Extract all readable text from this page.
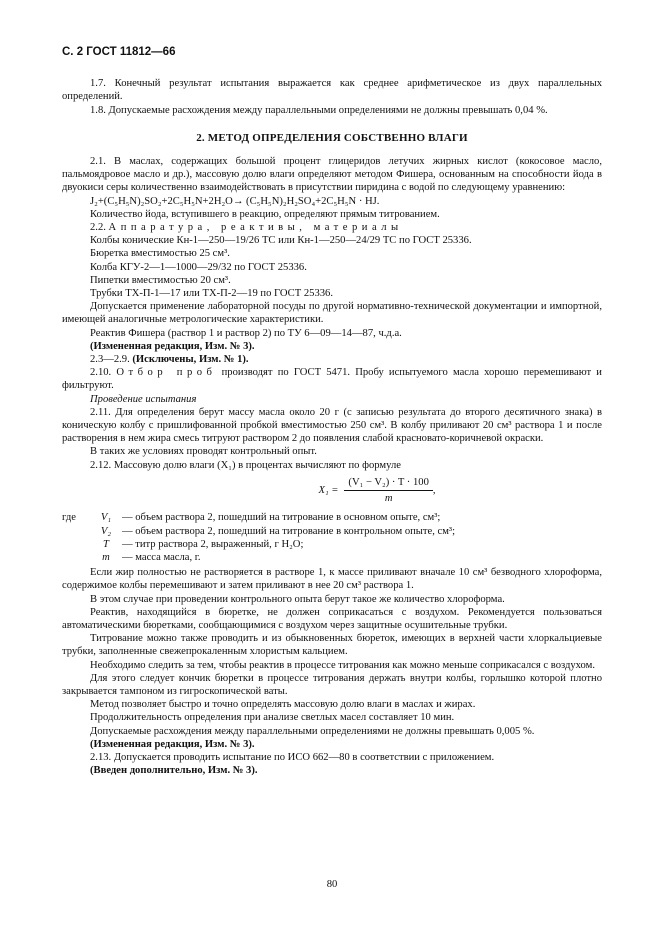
С. 2 ГОСТ 11812—66

1.7. Конечный результат испытания выражается как среднее арифметическое из двух параллельных определений.

1.8. Допускаемые расхождения между параллельными определениями не должны превышать 0,04 %.

2. МЕТОД ОПРЕДЕЛЕНИЯ СОБСТВЕННО ВЛАГИ

2.1. В маслах, содержащих большой процент глицеридов летучих жирных кислот (кокосовое масло, пальмоядровое масло и др.), массовую долю влаги определяют методом Фишера, основанным на способности йода в двуокиси серы количественно взаимодействовать в присутствии пиридина с водой по следующему уравнению:

J₂+(C₅H₅N)₂SO₂+2C₅H₅N+2H₂O→ (C₅H₅N)₂H₂SO₄+2C₅H₅N · HJ.

Количество йода, вступившего в реакцию, определяют прямым титрованием.

2.2. Аппаратура, реактивы, материалы

Колбы конические Кн-1—250—19/26 ТС или Кн-1—250—24/29 ТС по ГОСТ 25336.

Бюретка вместимостью 25 см³.

Колба КГУ-2—1—1000—29/32 по ГОСТ 25336.

Пипетки вместимостью 20 см³.

Трубки ТХ-П-1—17 или ТХ-П-2—19 по ГОСТ 25336.

Допускается применение лабораторной посуды по другой нормативно-технической документации и импортной, имеющей аналогичные метрологические характеристики.

Реактив Фишера (раствор 1 и раствор 2) по ТУ 6—09—14—87, ч.д.а.

(Измененная редакция, Изм. № 3).

2.3—2.9. (Исключены, Изм. № 1).

2.10. Отбор проб производят по ГОСТ 5471. Пробу испытуемого масла хорошо перемешивают и фильтруют.

Проведение испытания

2.11. Для определения берут массу масла около 20 г (с записью результата до второго десятичного знака) в коническую колбу с пришлифованной пробкой вместимостью 250 см³. В колбу приливают 20 см³ раствора 1 и после растворения в нем жира смесь титруют раствором 2 до появления слабой красновато-коричневой окраски.

В таких же условиях проводят контрольный опыт.

2.12. Массовую долю влаги (X₁) в процентах вычисляют по формуле

$X_1 = \frac{\text{(V₁ − V₂) · T · 100}}{m}$ ,
где	V₁	— объем раствора 2, пошедший на титрование в основном опыте, см³;
	V₂	— объем раствора 2, пошедший на титрование в контрольном опыте, см³;
	T	— титр раствора 2, выраженный, г H₂O;
	m	— масса масла, г.

Если жир полностью не растворяется в растворе 1, к массе приливают вначале 10 см³ безводного хлороформа, содержимое колбы перемешивают и затем приливают в нее 20 см³ раствора 1.

В этом случае при проведении контрольного опыта берут такое же количество хлороформа.

Реактив, находящийся в бюретке, не должен соприкасаться с воздухом. Рекомендуется пользоваться автоматическими бюретками, сообщающимися с воздухом через защитные осушительные трубки.

Титрование можно также проводить и из обыкновенных бюреток, имеющих в верхней части хлоркальциевые трубки, заполненные свежепрокаленным хлористым кальцием.

Необходимо следить за тем, чтобы реактив в процессе титрования как можно меньше соприкасался с воздухом.

Для этого следует кончик бюретки в процессе титрования держать внутри колбы, горлышко которой плотно закрывается тампоном из гигроскопической ваты.

Метод позволяет быстро и точно определять массовую долю влаги в маслах и жирах.

Продолжительность определения при анализе светлых масел составляет 10 мин.

Допускаемые расхождения между параллельными определениями не должны превышать 0,005 %.

(Измененная редакция, Изм. № 3).

2.13. Допускается проводить испытание по ИСО 662—80 в соответствии с приложением.

(Введен дополнительно, Изм. № 3).

80
